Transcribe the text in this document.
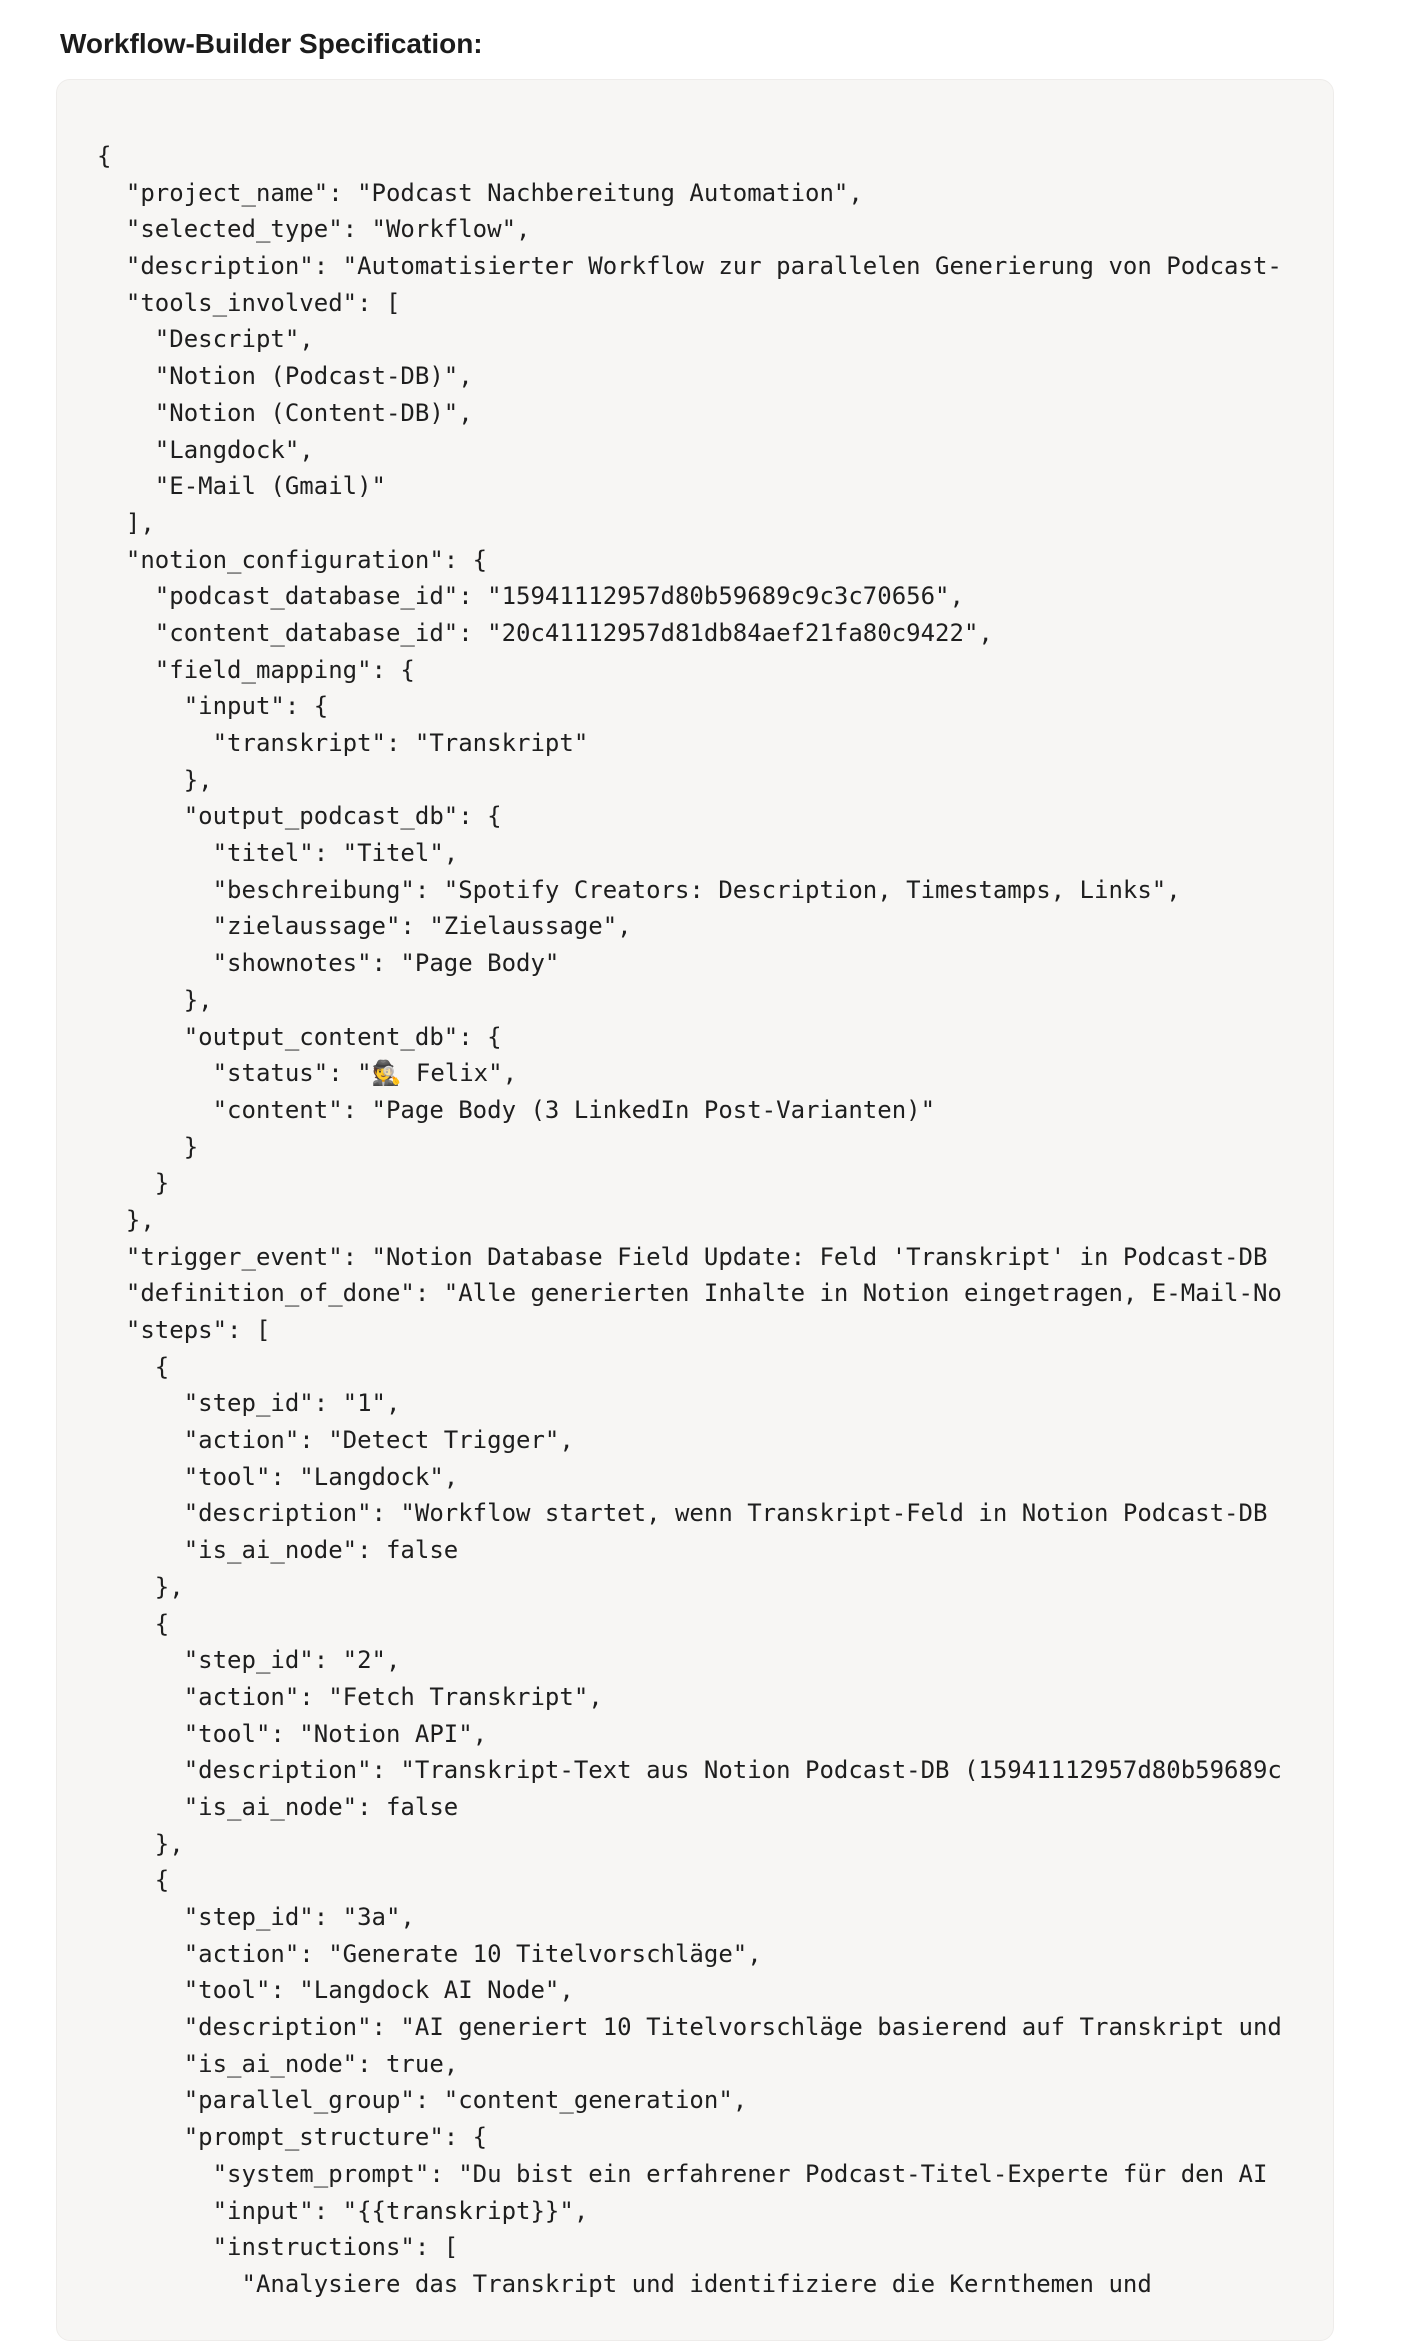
Workflow-Builder Specification:
{
"project_name": "Podcast Nachbereitung Automation",
"selected_type": "Workflow",
"description": "Automatisierter Workflow zur parallelen Generierung von Podcast-
"tools_involved": [
"Descript",
"Notion (Podcast-DB)",
"Notion (Content-DB)",
"Langdock",
"E-Mail (Gmail)"
],
"notion_configuration": {
"podcast_database_id": "15941112957d80b59689c9c3c70656",
"content_database_id": "20c41112957d81db84aef21fa80c9422",
"field_mapping": {
"input": {
"transkript": "Transkript"
},
"output_podcast_db": {
"titel": "Titel",
"beschreibung": "Spotify Creators: Description, Timestamps, Links",
"zielaussage": "Zielaussage",
"shownotes": "Page Body"
},
"output_content_db": {
"status": "🕵 Felix",
"content": "Page Body (3 LinkedIn Post-Varianten)"
}
}
},
"trigger_event": "Notion Database Field Update: Feld 'Transkript' in Podcast-DB
"definition_of_done": "Alle generierten Inhalte in Notion eingetragen, E-Mail-No
"steps": [
{
"step_id": "1",
"action": "Detect Trigger",
"tool": "Langdock",
"description": "Workflow startet, wenn Transkript-Feld in Notion Podcast-DB
"is_ai_node": false
},
{
"step_id": "2",
"action": "Fetch Transkript",
"tool": "Notion API",
"description": "Transkript-Text aus Notion Podcast-DB (15941112957d80b59689c
"is_ai_node": false
},
{
"step_id": "3a",
"action": "Generate 10 Titelvorschläge",
"tool": "Langdock AI Node",
"description": "AI generiert 10 Titelvorschläge basierend auf Transkript und
"is_ai_node": true,
"parallel_group": "content_generation",
"prompt_structure": {
"system_prompt": "Du bist ein erfahrener Podcast-Titel-Experte für den AI
"input": "{{transkript}}",
"instructions": [
"Analysiere das Transkript und identifiziere die Kernthemen und
